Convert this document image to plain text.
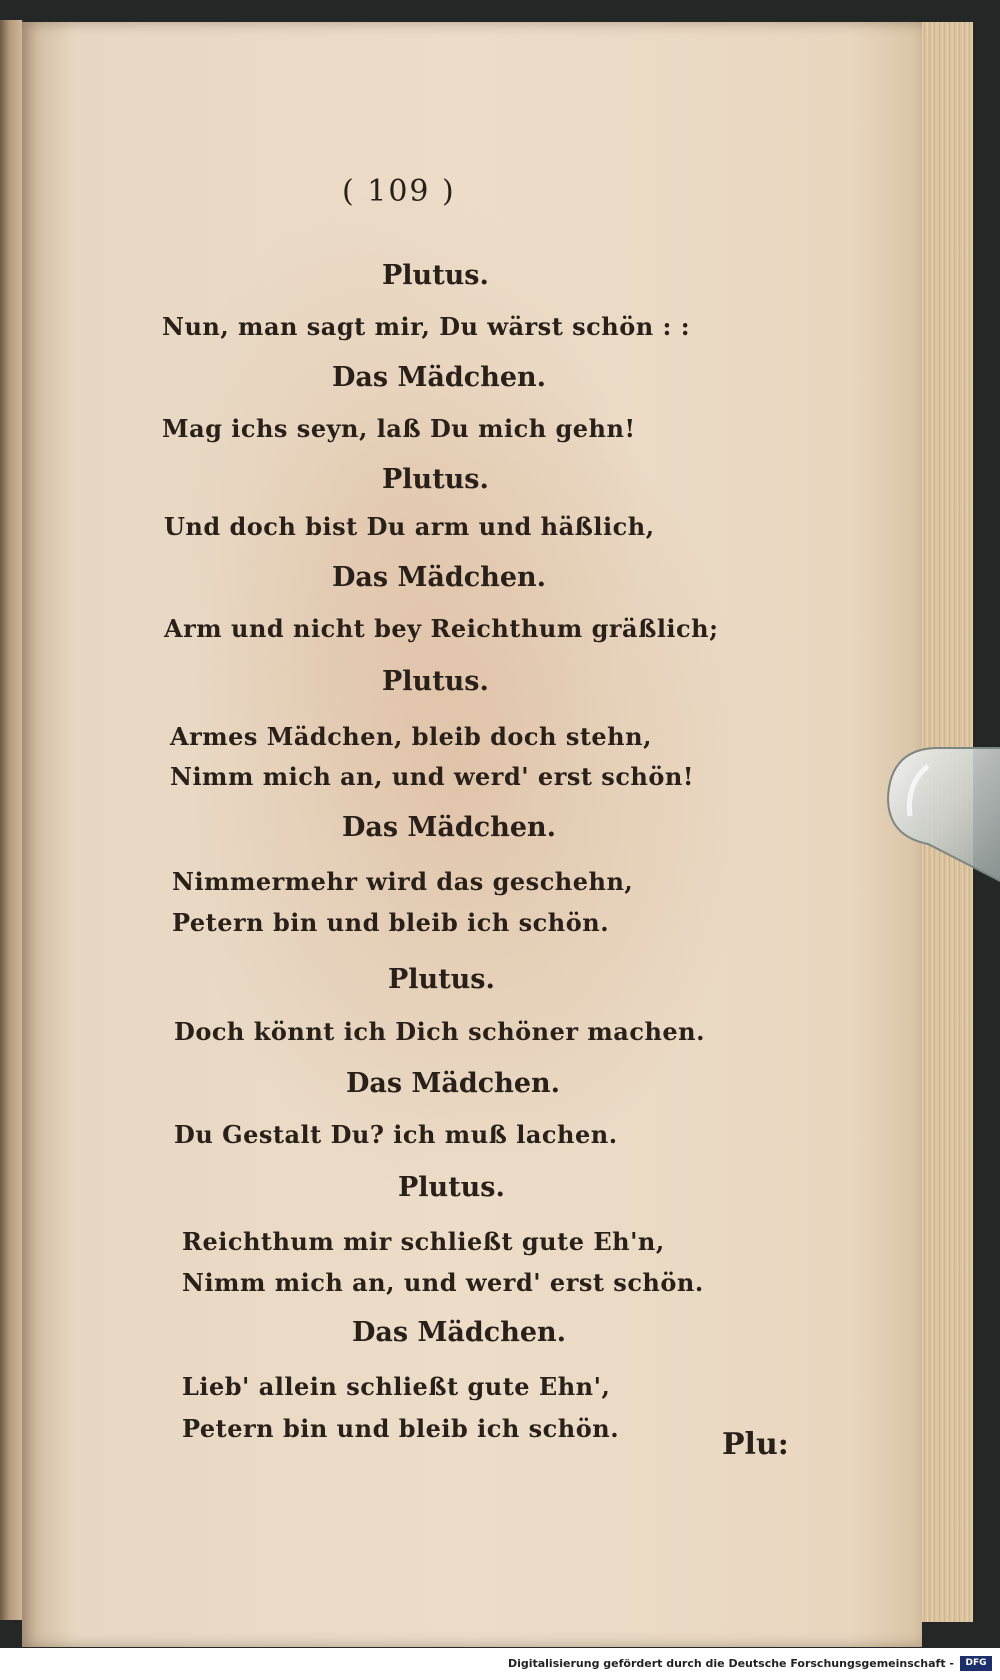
( 109 )
Plutus.
Nun, man sagt mir, Du wärst schön : :
Das Mädchen.
Mag ichs seyn, laß Du mich gehn!
Plutus.
Und doch bist Du arm und häßlich,
Das Mädchen.
Arm und nicht bey Reichthum gräßlich;
Plutus.
Armes Mädchen, bleib doch stehn,
Nimm mich an, und werd' erst schön!
Das Mädchen.
Nimmermehr wird das geschehn,
Petern bin und bleib ich schön.
Plutus.
Doch könnt ich Dich schöner machen.
Das Mädchen.
Du Gestalt Du? ich muß lachen.
Plutus.
Reichthum mir schließt gute Eh'n,
Nimm mich an, und werd' erst schön.
Das Mädchen.
Lieb' allein schließt gute Ehn',
Petern bin und bleib ich schön.	Plu:
Digitalisierung gefördert durch die Deutsche Forschungsgemeinschaft -	DFG
